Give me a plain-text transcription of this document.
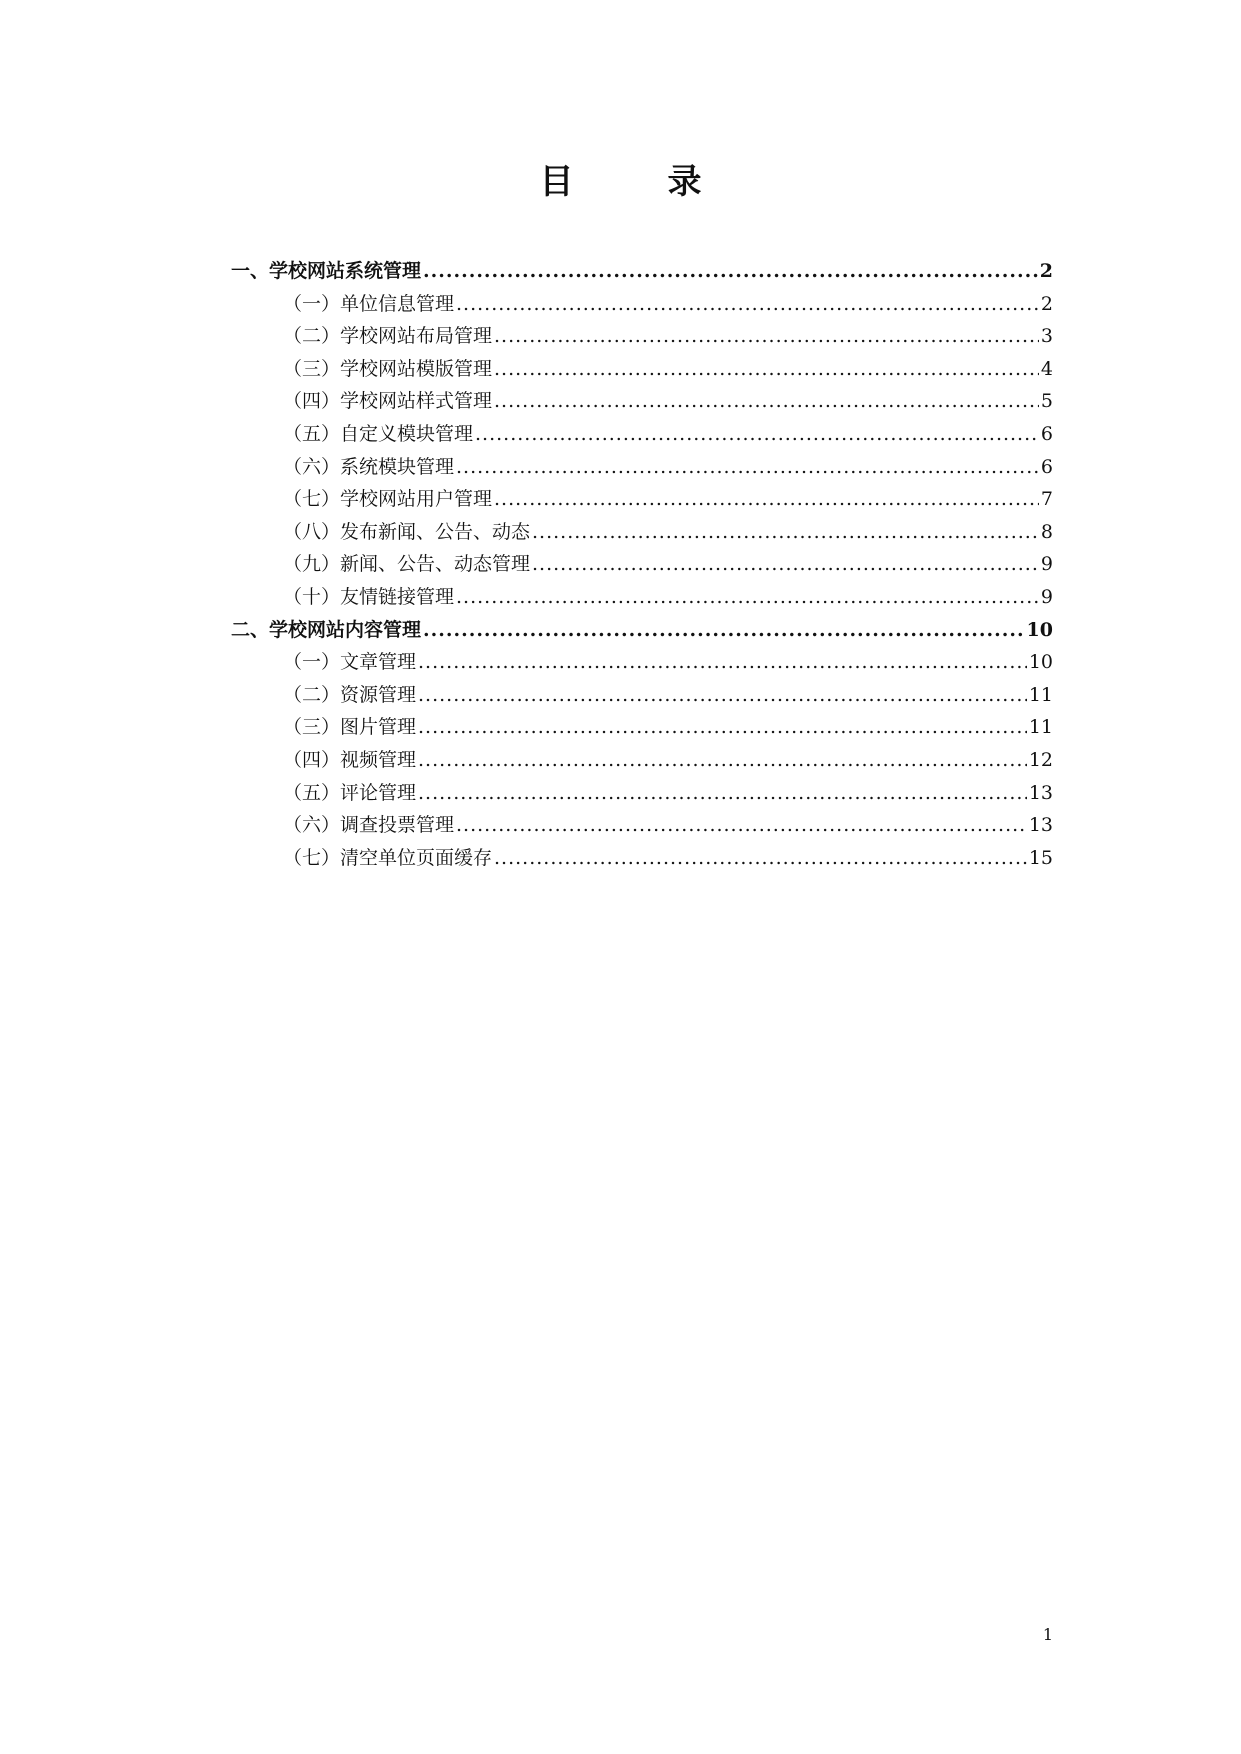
目　录
一、学校网站系统管理 .....	2
（一）单位信息管理 .....	2
（二）学校网站布局管理 .....	3
（三）学校网站模版管理 .....	4
（四）学校网站样式管理 .....	5
（五）自定义模块管理 .....	6
（六）系统模块管理 .....	6
（七）学校网站用户管理 .....	7
（八）发布新闻、公告、动态 .....	8
（九）新闻、公告、动态管理 .....	9
（十）友情链接管理 .....	9
二、学校网站内容管理 .....	10
（一）文章管理 .....	10
（二）资源管理 .....	11
（三）图片管理 .....	11
（四）视频管理 .....	12
（五）评论管理 .....	13
（六）调查投票管理 .....	13
（七）清空单位页面缓存 .....	15
1
